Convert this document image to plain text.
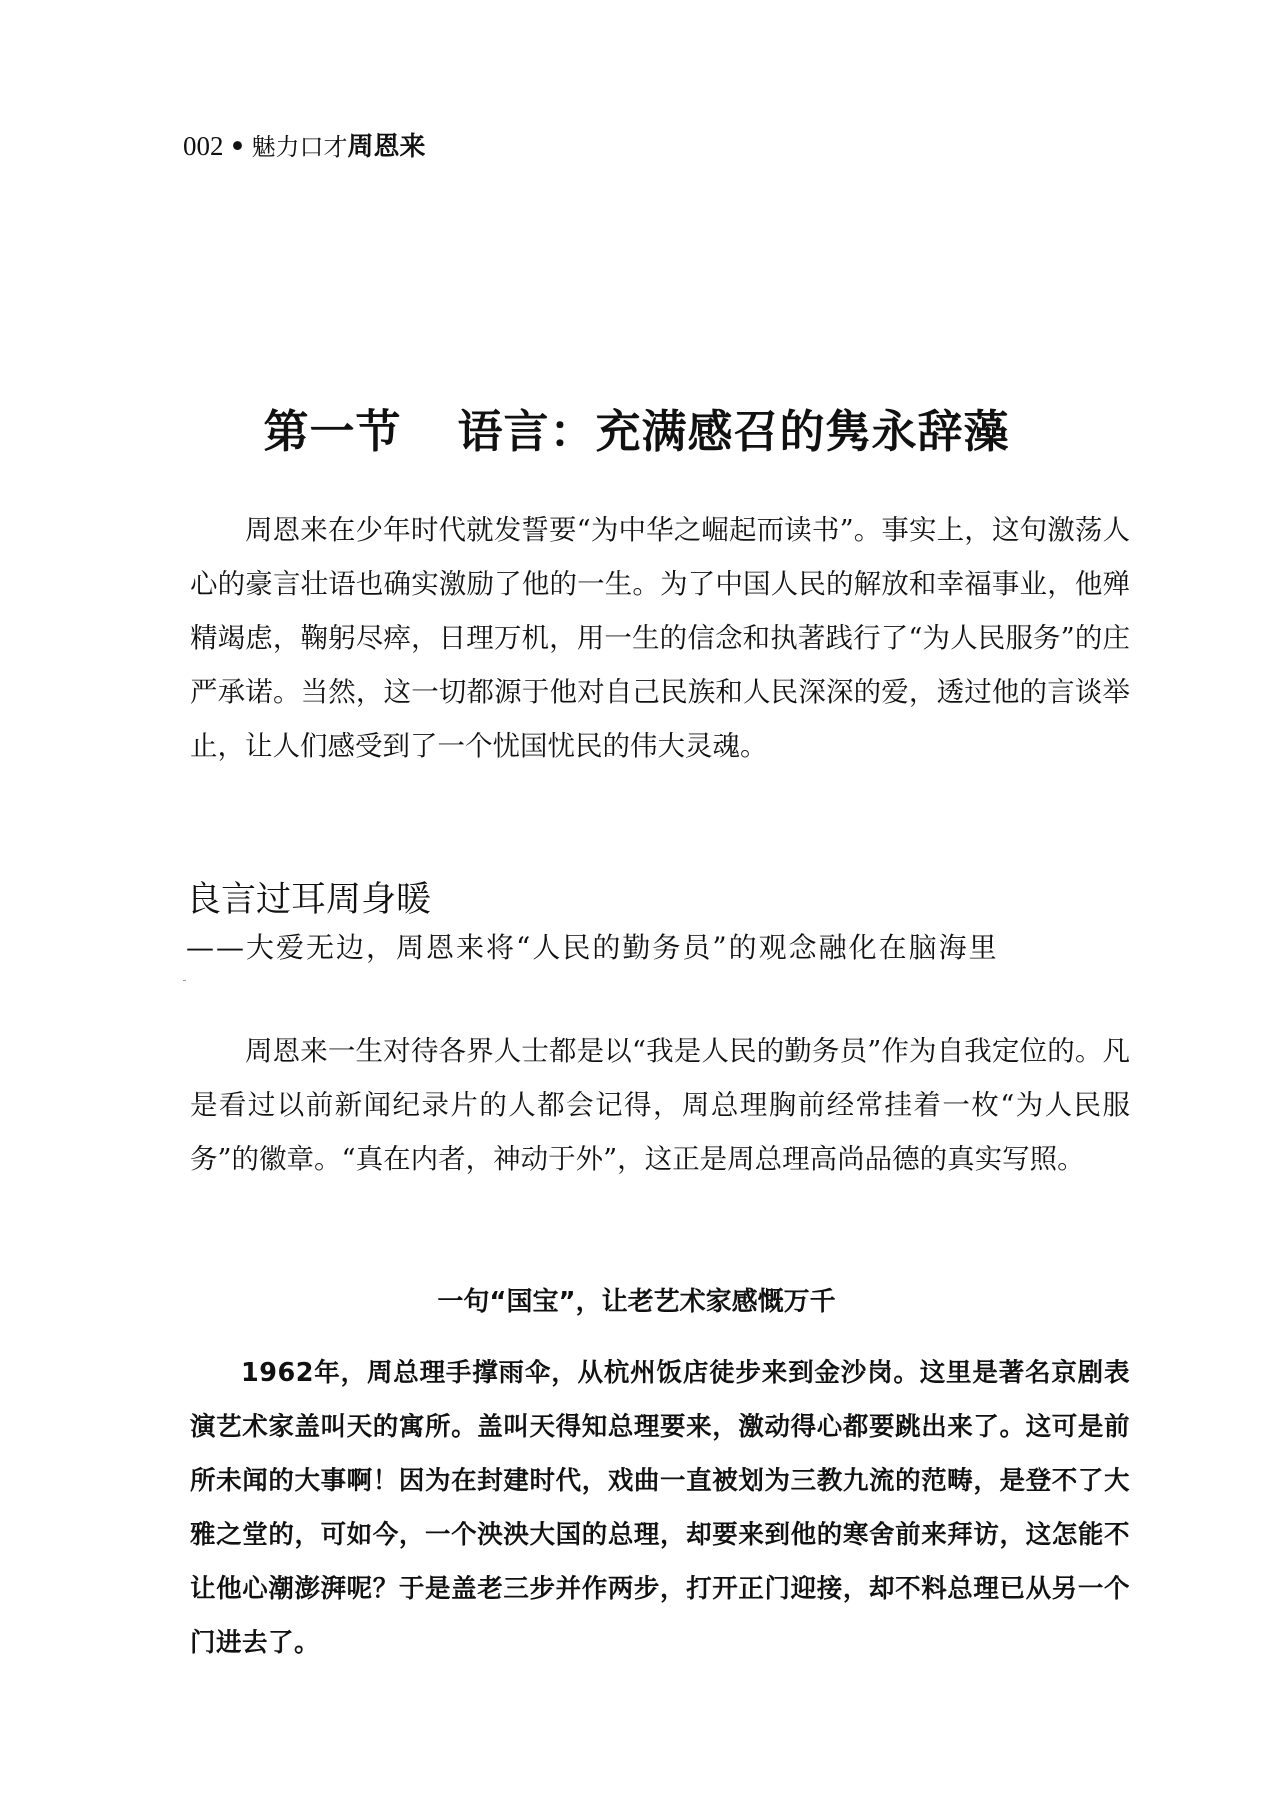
002 • 魅力口才周恩来
第一节 语言：充满感召的隽永辞藻

周恩来在少年时代就发誓要“为中华之崛起而读书”。事实上，这句激荡人心的豪言壮语也确实激励了他的一生。为了中国人民的解放和幸福事业，他殚精竭虑，鞠躬尽瘁，日理万机，用一生的信念和执著践行了“为人民服务”的庄严承诺。当然，这一切都源于他对自己民族和人民深深的爱，透过他的言谈举止，让人们感受到了一个忧国忧民的伟大灵魂。

良言过耳周身暖
——大爱无边，周恩来将“人民的勤务员”的观念融化在脑海里

周恩来一生对待各界人士都是以“我是人民的勤务员”作为自我定位的。凡是看过以前新闻纪录片的人都会记得，周总理胸前经常挂着一枚“为人民服务”的徽章。“真在内者，神动于外”，这正是周总理高尚品德的真实写照。

一句“国宝”，让老艺术家感慨万千

1962年，周总理手撑雨伞，从杭州饭店徒步来到金沙岗。这里是著名京剧表演艺术家盖叫天的寓所。盖叫天得知总理要来，激动得心都要跳出来了。这可是前所未闻的大事啊！因为在封建时代，戏曲一直被划为三教九流的范畴，是登不了大雅之堂的，可如今，一个泱泱大国的总理，却要来到他的寒舍前来拜访，这怎能不让他心潮澎湃呢？于是盖老三步并作两步，打开正门迎接，却不料总理已从另一个门进去了。
